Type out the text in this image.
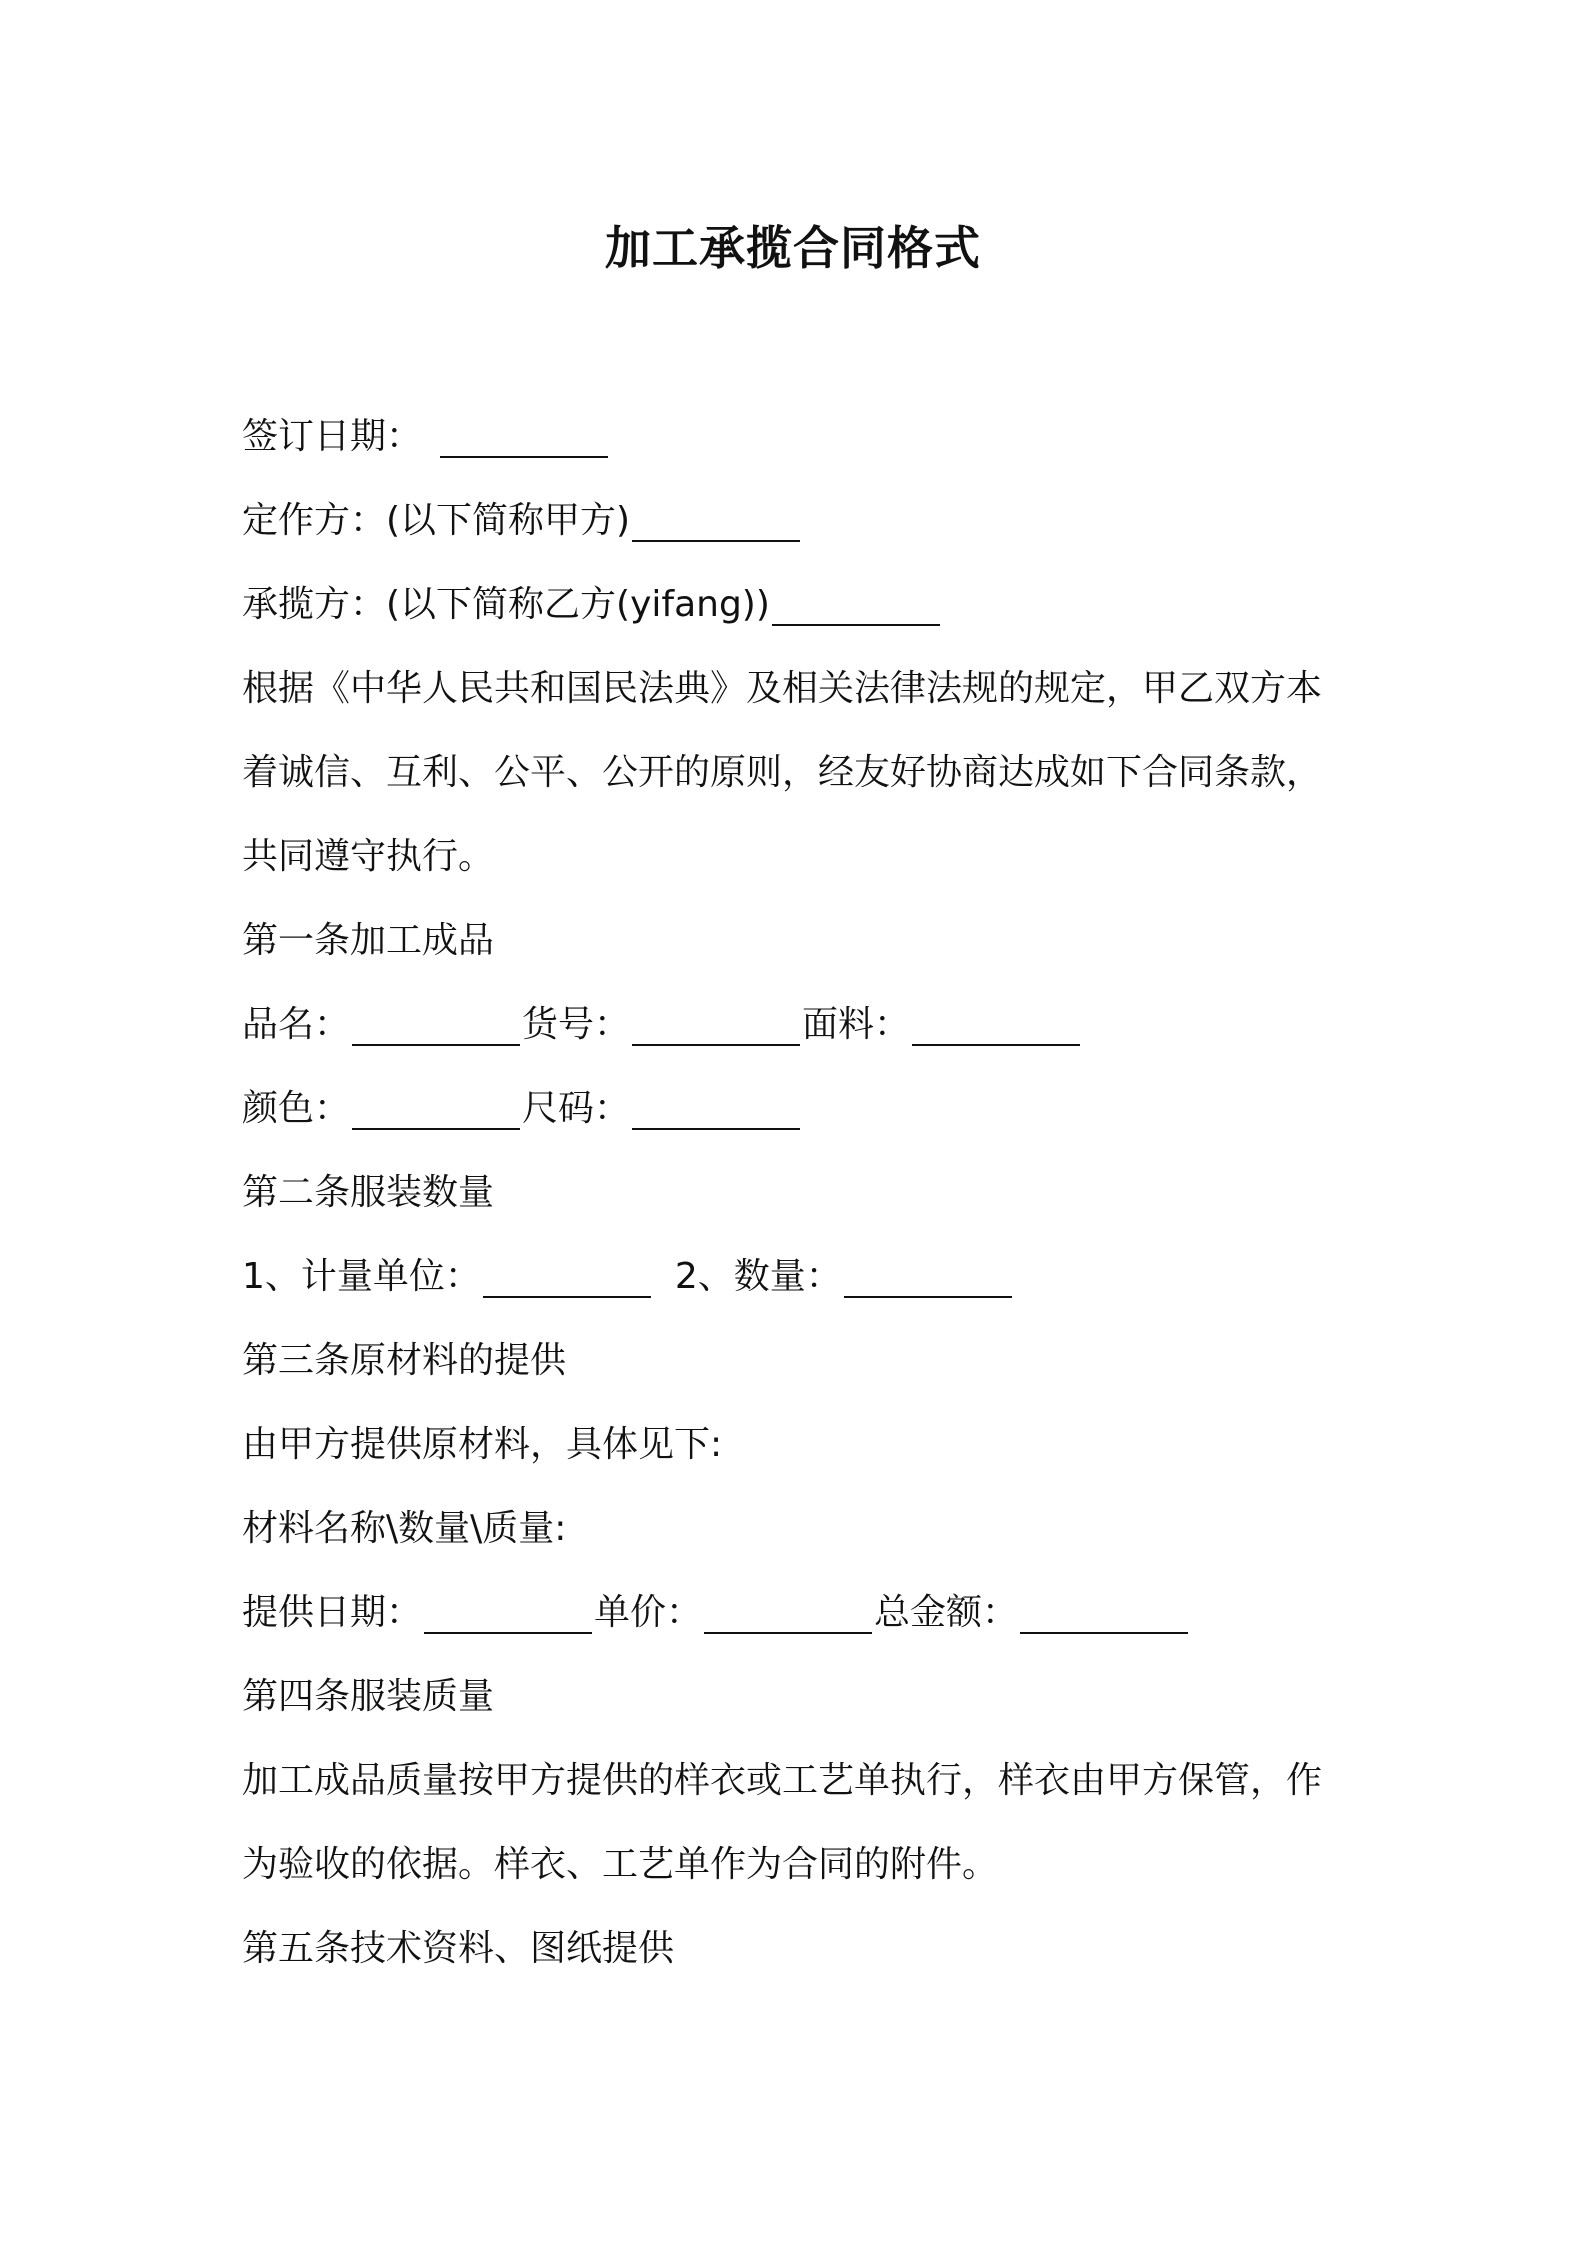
加工承揽合同格式
签订日期：
定作方：(以下简称甲方)
承揽方：(以下简称乙方(yifang))
根据《中华人民共和国民法典》及相关法律法规的规定，甲乙双方本
着诚信、互利、公平、公开的原则，经友好协商达成如下合同条款，
共同遵守执行。
第一条加工成品
品名：	货号：	面料：
颜色：	尺码：
第二条服装数量
1、计量单位：	2、数量：
第三条原材料的提供
由甲方提供原材料，具体见下:
材料名称\数量\质量:
提供日期：	单价：	总金额：
第四条服装质量
加工成品质量按甲方提供的样衣或工艺单执行，样衣由甲方保管，作
为验收的依据。样衣、工艺单作为合同的附件。
第五条技术资料、图纸提供
